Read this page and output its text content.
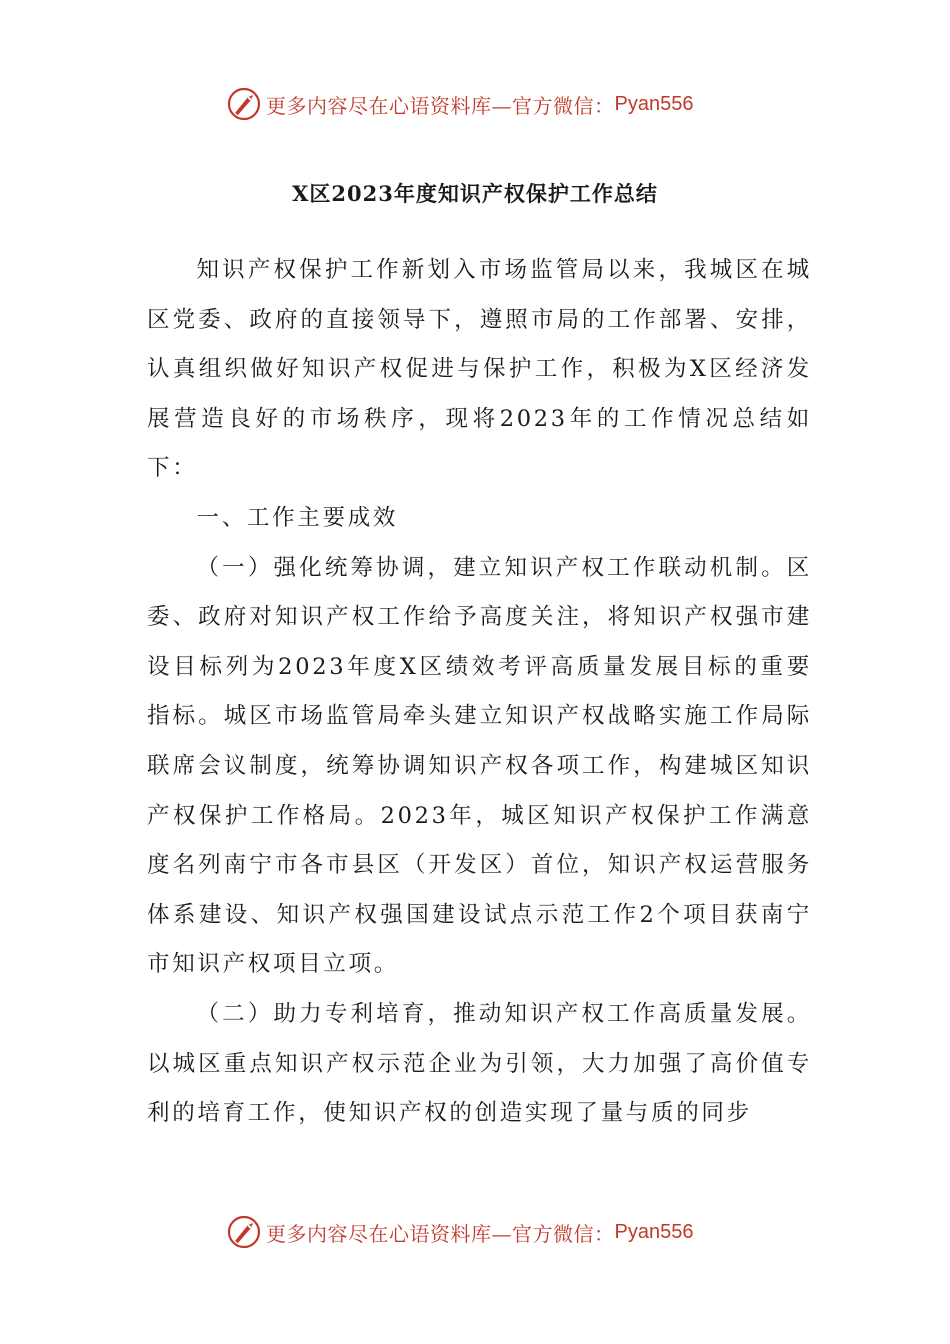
更多内容尽在心语资料库—官方微信： Pyan556
X区2023年度知识产权保护工作总结

知识产权保护工作新划入市场监管局以来，我城区在城区党委、政府的直接领导下，遵照市局的工作部署、安排，认真组织做好知识产权促进与保护工作，积极为X区经济发展营造良好的市场秩序，现将2023年的工作情况总结如下：

一、工作主要成效

（一）强化统筹协调，建立知识产权工作联动机制。区委、政府对知识产权工作给予高度关注，将知识产权强市建设目标列为2023年度X区绩效考评高质量发展目标的重要指标。城区市场监管局牵头建立知识产权战略实施工作局际联席会议制度，统筹协调知识产权各项工作，构建城区知识产权保护工作格局。2023年，城区知识产权保护工作满意度名列南宁市各市县区（开发区）首位，知识产权运营服务体系建设、知识产权强国建设试点示范工作2个项目获南宁市知识产权项目立项。

（二）助力专利培育，推动知识产权工作高质量发展。以城区重点知识产权示范企业为引领，大力加强了高价值专利的培育工作，使知识产权的创造实现了量与质的同步

更多内容尽在心语资料库—官方微信： Pyan556
